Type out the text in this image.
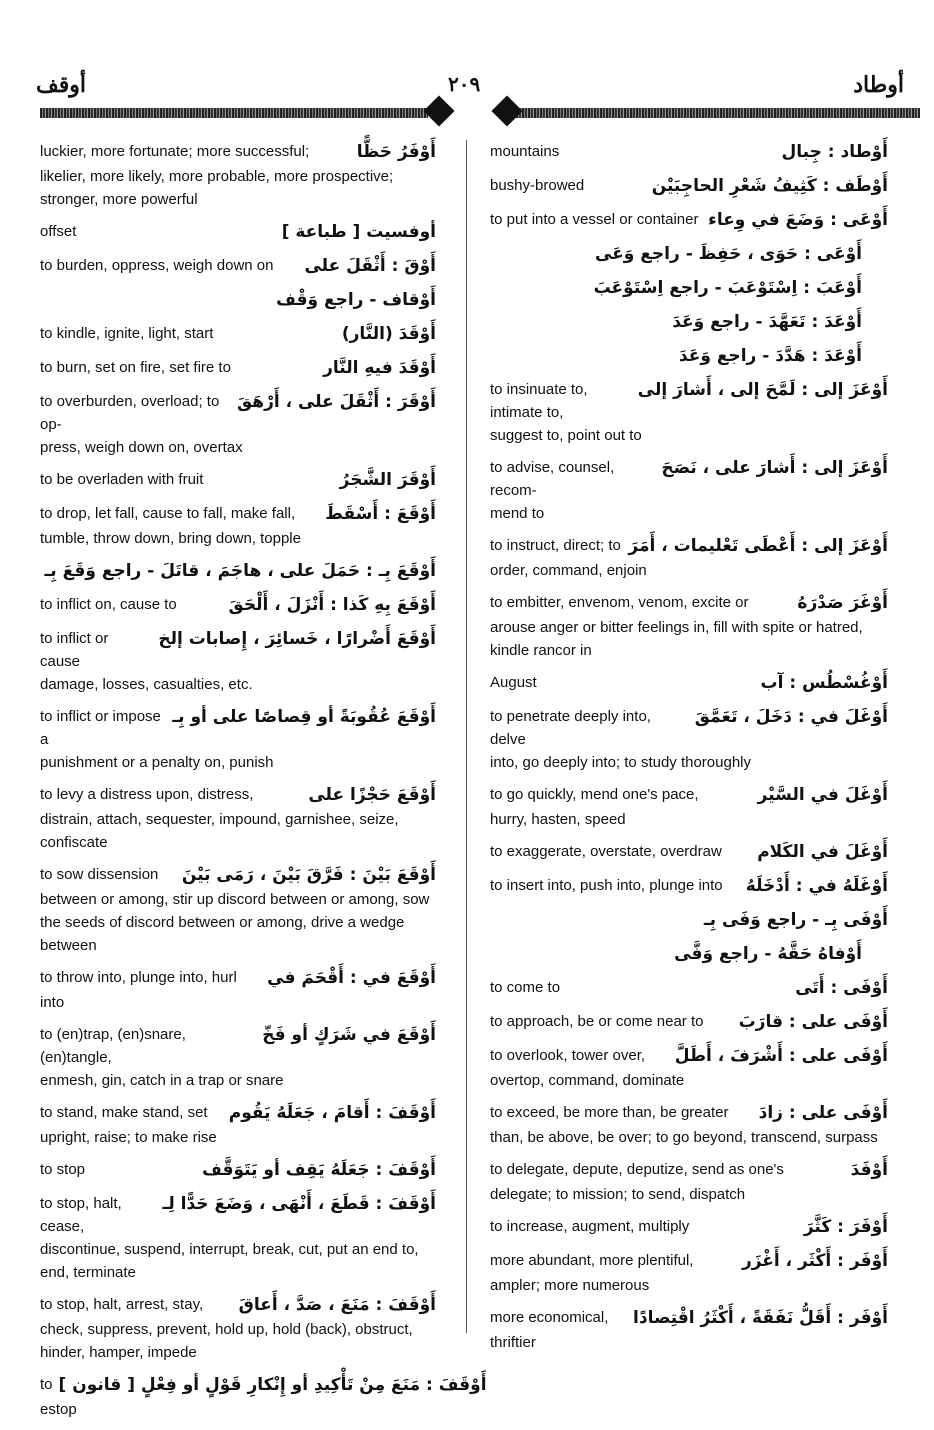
أوقف	٢٠٩	أوطاد
luckier, more fortunate; more successful;	أَوْفَرُ حَظًّا
likelier, more likely, more probable, more prospective; stronger, more powerful
offset	أوفسيت [ طباعة ]
to burden, oppress, weigh down on	أَوْقَ : أَثْقَلَ على
أَوْقاف - راجع وَقْف
to kindle, ignite, light, start	أَوْقَدَ (النَّار)
to burn, set on fire, set fire to	أَوْقَدَ فيهِ النَّار
to overburden, overload; to op-
أَوْقَرَ : أَثْقَلَ على ، أَرْهَقَ
press, weigh down on, overtax
to be overladen with fruit	أَوْقَرَ الشَّجَرُ
to drop, let fall, cause to fall, make fall,	أَوْقَعَ : أَسْقَطَ
tumble, throw down, bring down, topple
أَوْقَعَ بِـ : حَمَلَ على ، هاجَمَ ، قاتَلَ - راجع وَقَعَ بِـ
to inflict on, cause to	أَوْقَعَ بِهِ كَذا : أَنْزَلَ ، أَلْحَقَ
to inflict or cause
أَوْقَعَ أَضْرارًا ، خَسائِرَ ، إِصابات إلخ
damage, losses, casualties, etc.
to inflict or impose a
أَوْقَعَ عُقُوبَةً أو قِصاصًا على أو بِـ
punishment or a penalty on, punish
to levy a distress upon, distress,	أَوْقَعَ حَجْزًا على
distrain, attach, sequester, impound, garnishee, seize, confiscate
to sow dissension	أَوْقَعَ بَيْنَ : فَرَّقَ بَيْنَ ، رَمَى بَيْنَ
between or among, stir up discord between or among, sow the seeds of discord between or among, drive a wedge between
to throw into, plunge into, hurl	أَوْقَعَ في : أَقْحَمَ في
into
to (en)trap, (en)snare, (en)tangle,
أَوْقَعَ في شَرَكٍ أو فَخّ
enmesh, gin, catch in a trap or snare
to stand, make stand, set	أَوْقَفَ : أَقامَ ، جَعَلَهُ يَقُوم
upright, raise; to make rise
to stop	أَوْقَفَ : جَعَلَهُ يَقِف أو يَتَوَقَّف
to stop, halt, cease,
أَوْقَفَ : قَطَعَ ، أَنْهَى ، وَضَعَ حَدًّا لِـ
discontinue, suspend, interrupt, break, cut, put an end to, end, terminate
to stop, halt, arrest, stay,	أَوْقَفَ : مَنَعَ ، صَدَّ ، أَعاقَ
check, suppress, prevent, hold up, hold (back), obstruct, hinder, hamper, impede
to أَوْقَفَ : مَنَعَ مِنْ تَأْكِيدِ أو إِنْكارِ قَوْلٍ أو فِعْلٍ [ قانون ]
estop
mountains	أَوْطاد : جِبال
bushy-browed	أَوْطَف : كَثِيفُ شَعْرِ الحاجِبَيْن
to put into a vessel or container أَوْعَى : وَضَعَ في وِعاء
أَوْعَى : حَوَى ، حَفِظَ - راجع وَعَى
أَوْعَبَ : اِسْتَوْعَبَ - راجع اِسْتَوْعَبَ
أَوْعَدَ : تَعَهَّدَ - راجع وَعَدَ
أَوْعَدَ : هَدَّدَ - راجع وَعَدَ
to insinuate to, intimate to,
أَوْعَزَ إلى : لَمَّحَ إلى ، أَشارَ إلى
suggest to, point out to
to advise, counsel, recom-
أَوْعَزَ إلى : أَشارَ على ، نَصَحَ
mend to
to instruct, direct; to أَوْعَزَ إلى : أَعْطَى تَعْليمات ، أَمَرَ
order, command, enjoin
to embitter, envenom, venom, excite or	أَوْغَرَ صَدْرَهُ
arouse anger or bitter feelings in, fill with spite or hatred, kindle rancor in
August	أَوْغُسْطُس : آب
to penetrate deeply into, delve
أَوْغَلَ في : دَخَلَ ، تَعَمَّقَ
into, go deeply into; to study thoroughly
to go quickly, mend one's pace,	أَوْغَلَ في السَّيْر
hurry, hasten, speed
to exaggerate, overstate, overdraw	أَوْغَلَ في الكَلام
to insert into, push into, plunge into	أَوْغَلَهُ في : أَدْخَلَهُ
أَوْفَى بِـ - راجع وَفَى بِـ
أَوْفاهُ حَقَّهُ - راجع وَفَّى
to come to	أَوْفَى : أَتَى
to approach, be or come near to	أَوْفَى على : قارَبَ
to overlook, tower over,	أَوْفَى على : أَشْرَفَ ، أَطَلَّ
overtop, command, dominate
to exceed, be more than, be greater	أَوْفَى على : زادَ
than, be above, be over; to go beyond, transcend, surpass
to delegate, depute, deputize, send as one's	أَوْفَدَ
delegate; to mission; to send, dispatch
to increase, augment, multiply	أَوْفَرَ : كَثَّرَ
more abundant, more plentiful,	أَوْفَر : أَكْثَر ، أَغْزَر
ampler; more numerous
more economical,	أَوْفَر : أَقَلُّ نَفَقَةً ، أَكْثَرُ اقْتِصادًا
thriftier
